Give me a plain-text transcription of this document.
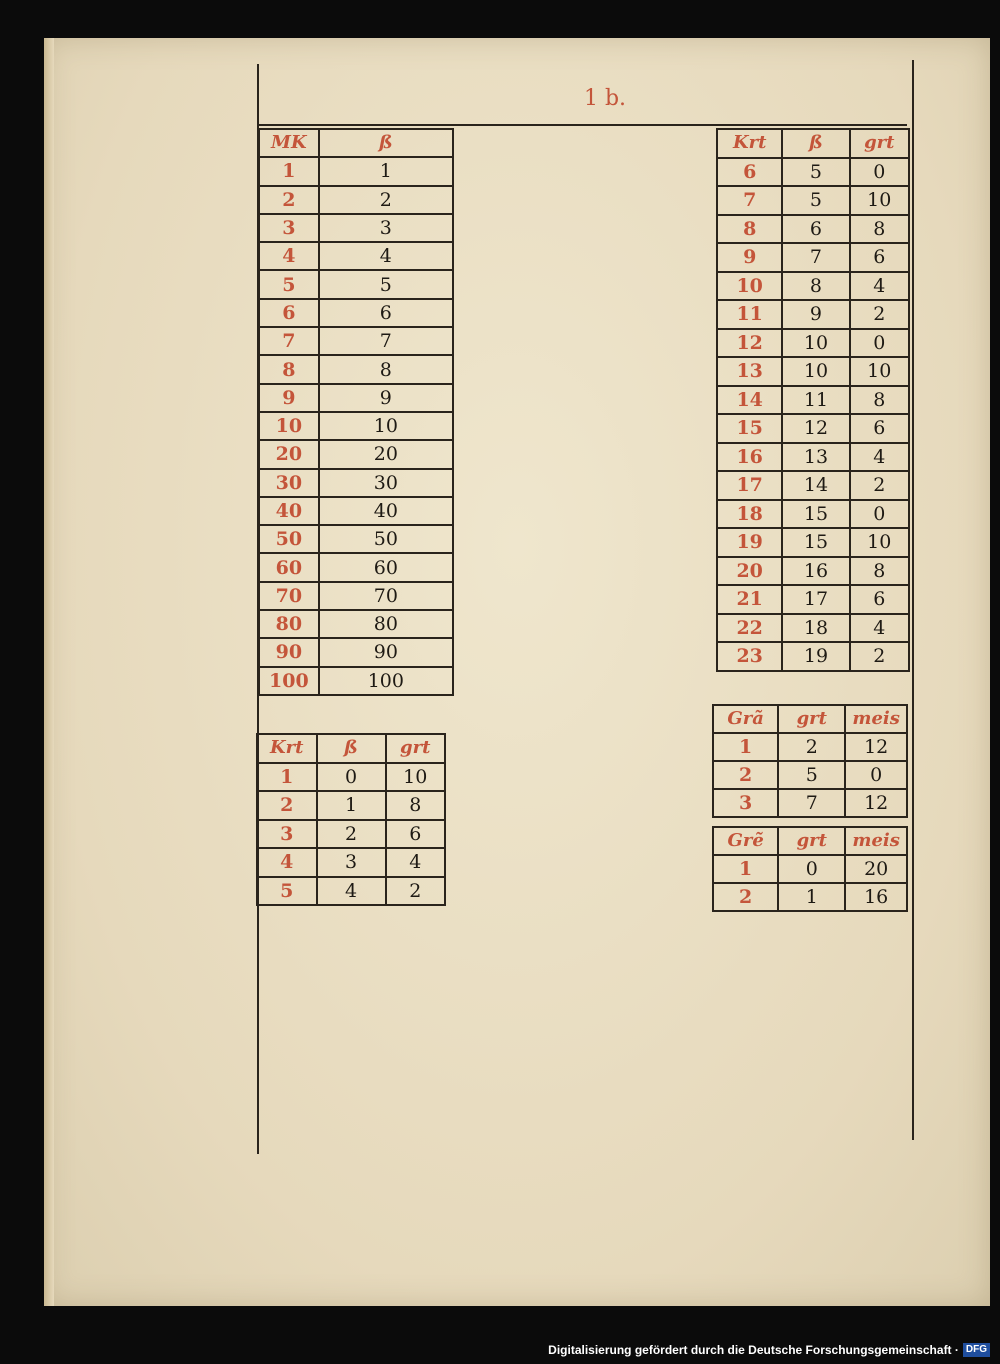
1 b.
MK	ß
1	1
2	2
3	3
4	4
5	5
6	6
7	7
8	8
9	9
10	10
20	20
30	30
40	40
50	50
60	60
70	70
80	80
90	90
100	100
Krt	ß	grt
1	0	10
2	1	8
3	2	6
4	3	4
5	4	2
Krt	ß	grt
6	5	0
7	5	10
8	6	8
9	7	6
10	8	4
11	9	2
12	10	0
13	10	10
14	11	8
15	12	6
16	13	4
17	14	2
18	15	0
19	15	10
20	16	8
21	17	6
22	18	4
23	19	2
Grã	grt	meis
1	2	12
2	5	0
3	7	12
Grẽ	grt	meis
1	0	20
2	1	16
Digitalisierung gefördert durch die Deutsche Forschungsgemeinschaft · DFG
